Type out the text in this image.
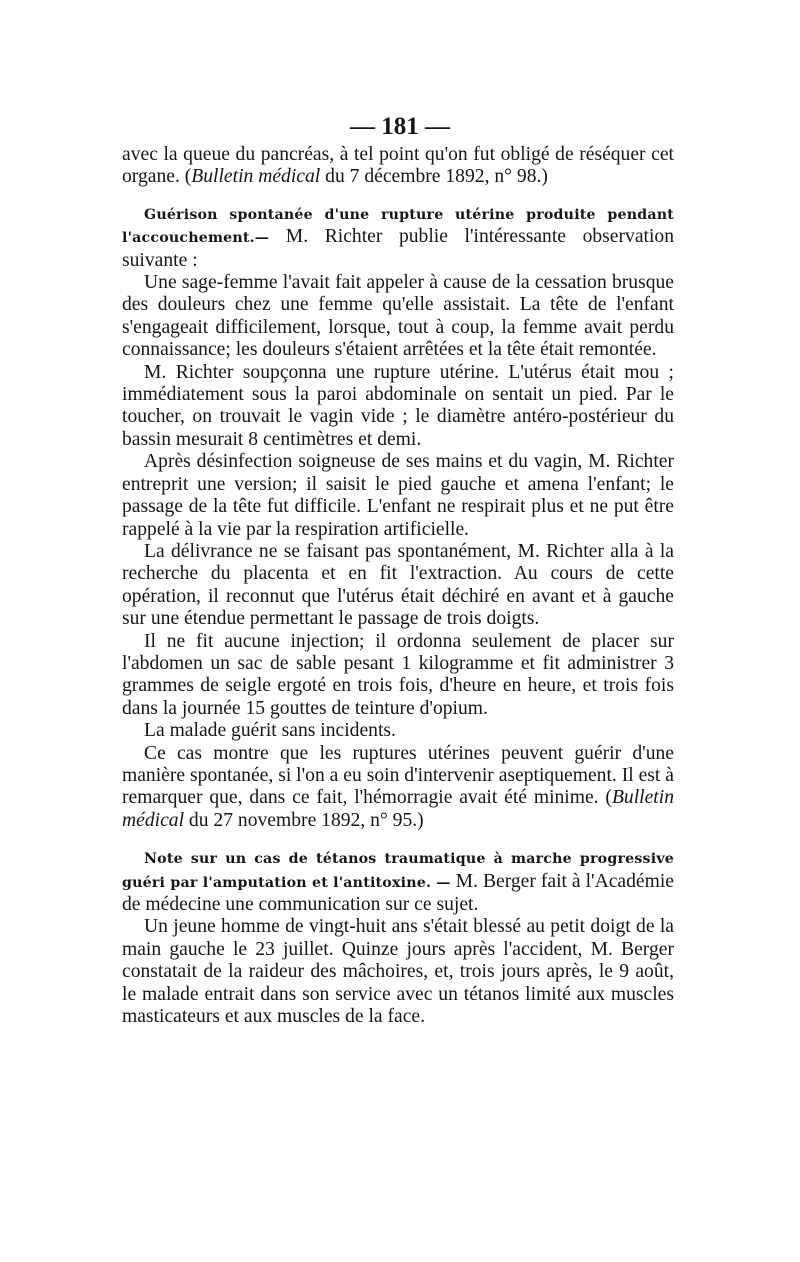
— 181 —

avec la queue du pancréas, à tel point qu'on fut obligé de réséquer cet organe. (Bulletin médical du 7 décembre 1892, n° 98.)

Guérison spontanée d'une rupture utérine produite pendant l'accouchement.— M. Richter publie l'intéressante observation suivante :

Une sage-femme l'avait fait appeler à cause de la cessation brusque des douleurs chez une femme qu'elle assistait. La tête de l'enfant s'engageait difficilement, lorsque, tout à coup, la femme avait perdu connaissance; les douleurs s'étaient arrêtées et la tête était remontée.

M. Richter soupçonna une rupture utérine. L'utérus était mou ; immédiatement sous la paroi abdominale on sentait un pied. Par le toucher, on trouvait le vagin vide ; le diamètre antéro-postérieur du bassin mesurait 8 centimètres et demi.

Après désinfection soigneuse de ses mains et du vagin, M. Richter entreprit une version; il saisit le pied gauche et amena l'enfant; le passage de la tête fut difficile. L'enfant ne respirait plus et ne put être rappelé à la vie par la respiration artificielle.

La délivrance ne se faisant pas spontanément, M. Richter alla à la recherche du placenta et en fit l'extraction. Au cours de cette opération, il reconnut que l'utérus était déchiré en avant et à gauche sur une étendue permettant le passage de trois doigts.

Il ne fit aucune injection; il ordonna seulement de placer sur l'abdomen un sac de sable pesant 1 kilogramme et fit administrer 3 grammes de seigle ergoté en trois fois, d'heure en heure, et trois fois dans la journée 15 gouttes de teinture d'opium.

La malade guérit sans incidents.

Ce cas montre que les ruptures utérines peuvent guérir d'une manière spontanée, si l'on a eu soin d'intervenir aseptiquement. Il est à remarquer que, dans ce fait, l'hémorragie avait été minime. (Bulletin médical du 27 novembre 1892, n° 95.)

Note sur un cas de tétanos traumatique à marche progressive guéri par l'amputation et l'antitoxine. — M. Berger fait à l'Académie de médecine une communication sur ce sujet.

Un jeune homme de vingt-huit ans s'était blessé au petit doigt de la main gauche le 23 juillet. Quinze jours après l'accident, M. Berger constatait de la raideur des mâchoires, et, trois jours après, le 9 août, le malade entrait dans son service avec un tétanos limité aux muscles masticateurs et aux muscles de la face.
